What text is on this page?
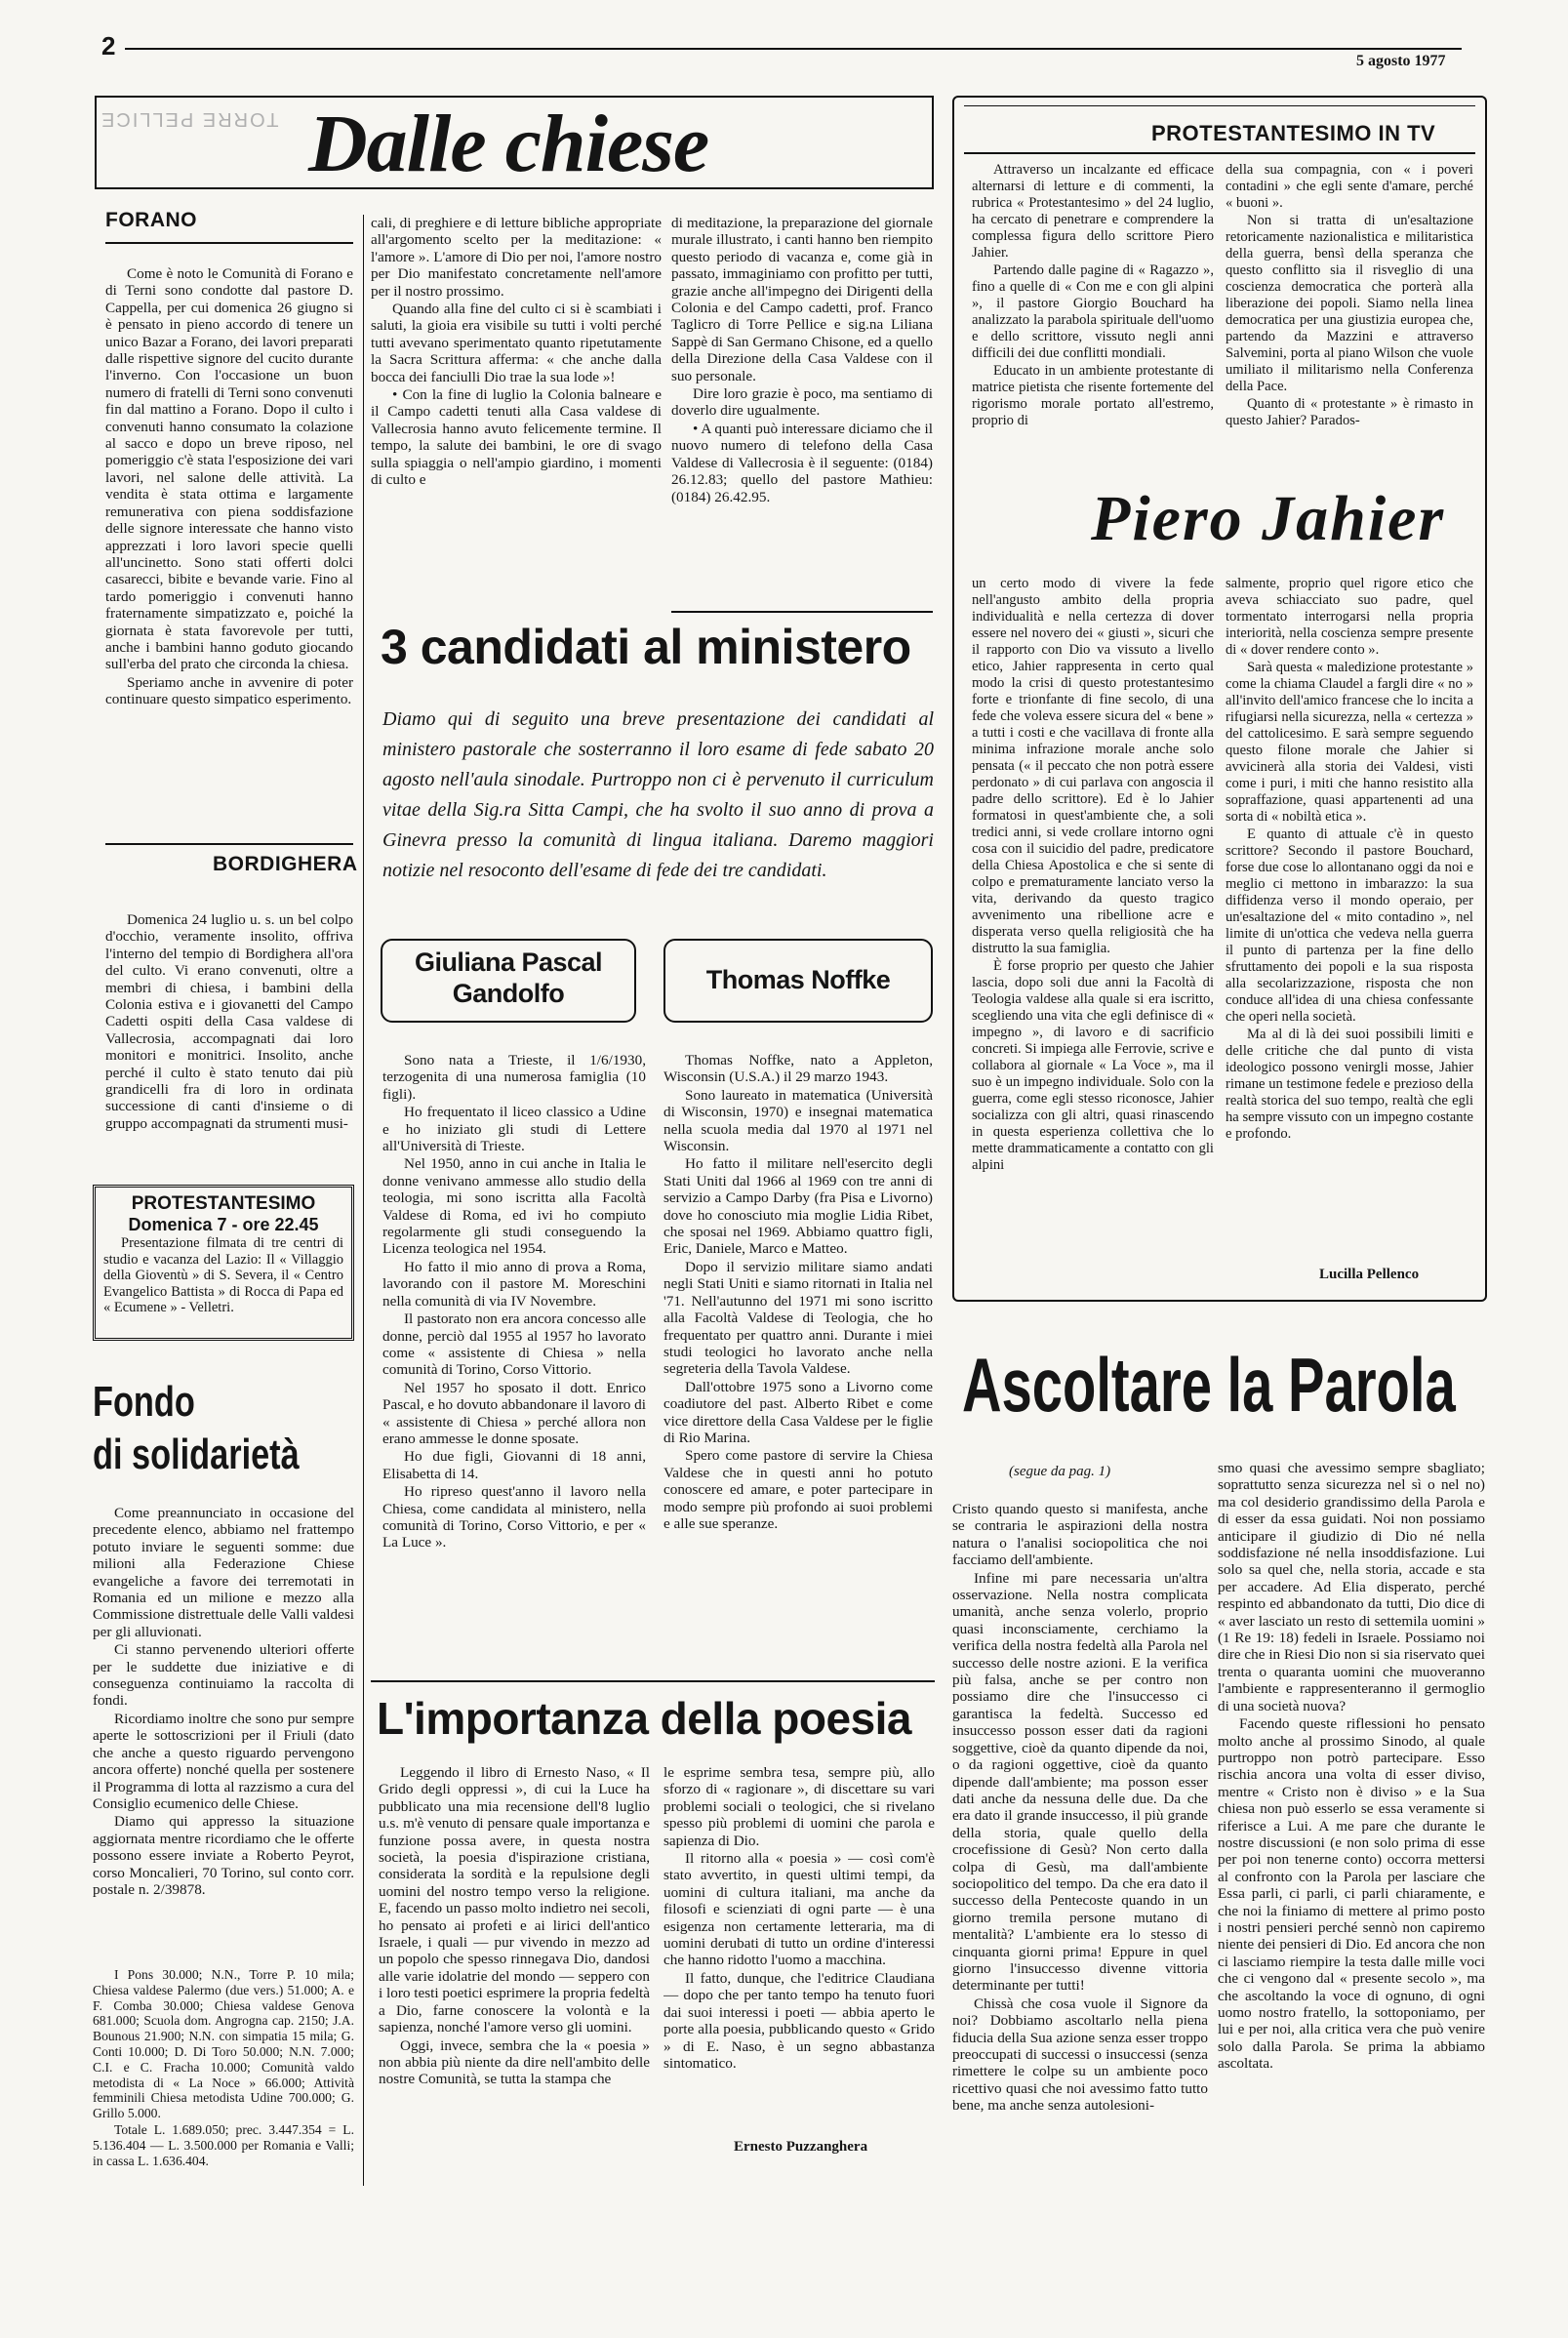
2
5 agosto 1977
TORRE PELLICE Dalle chiese
FORANO

Come è noto le Comunità di Forano e di Terni sono condotte dal pastore D. Cappella, per cui domenica 26 giugno si è pensato in pieno accordo di tenere un unico Bazar a Forano, dei lavori preparati dalle rispettive signore del cucito durante l'inverno. Con l'occasione un buon numero di fratelli di Terni sono convenuti fin dal mattino a Forano. Dopo il culto i convenuti hanno consumato la colazione al sacco e dopo un breve riposo, nel pomeriggio c'è stata l'esposizione dei vari lavori, nel salone delle attività. La vendita è stata ottima e largamente remunerativa con piena soddisfazione delle signore interessate che hanno visto apprezzati i loro lavori specie quelli all'uncinetto. Sono stati offerti dolci casarecci, bibite e bevande varie. Fino al tardo pomeriggio i convenuti hanno fraternamente simpatizzato e, poiché la giornata è stata favorevole per tutti, anche i bambini hanno goduto giocando sull'erba del prato che circonda la chiesa.

Speriamo anche in avvenire di poter continuare questo simpatico esperimento.

BORDIGHERA

Domenica 24 luglio u. s. un bel colpo d'occhio, veramente insolito, offriva l'interno del tempio di Bordighera all'ora del culto. Vi erano convenuti, oltre a membri di chiesa, i bambini della Colonia estiva e i giovanetti del Campo Cadetti ospiti della Casa valdese di Vallecrosia, accompagnati dai loro monitori e monitrici. Insolito, anche perché il culto è stato tenuto dai più grandicelli fra di loro in ordinata successione di canti d'insieme o di gruppo accompagnati da strumenti musi-

PROTESTANTESIMO
Domenica 7 - ore 22.45
Presentazione filmata di tre centri di studio e vacanza del Lazio: Il « Villaggio della Gioventù » di S. Severa, il « Centro Evangelico Battista » di Rocca di Papa ed « Ecumene » - Velletri.
Fondo
di solidarietà

Come preannunciato in occasione del precedente elenco, abbiamo nel frattempo potuto inviare le seguenti somme: due milioni alla Federazione Chiese evangeliche a favore dei terremotati in Romania ed un milione e mezzo alla Commissione distrettuale delle Valli valdesi per gli alluvionati.

Ci stanno pervenendo ulteriori offerte per le suddette due iniziative e di conseguenza continuiamo la raccolta di fondi.

Ricordiamo inoltre che sono pur sempre aperte le sottoscrizioni per il Friuli (dato che anche a questo riguardo pervengono ancora offerte) nonché quella per sostenere il Programma di lotta al razzismo a cura del Consiglio ecumenico delle Chiese.

Diamo qui appresso la situazione aggiornata mentre ricordiamo che le offerte possono essere inviate a Roberto Peyrot, corso Moncalieri, 70 Torino, sul conto corr. postale n. 2/39878.

I Pons 30.000; N.N., Torre P. 10 mila; Chiesa valdese Palermo (due vers.) 51.000; A. e F. Comba 30.000; Chiesa valdese Genova 681.000; Scuola dom. Angrogna cap. 2150; J.A. Bounous 21.900; N.N. con simpatia 15 mila; G. Conti 10.000; D. Di Toro 50.000; N.N. 7.000; C.I. e C. Fracha 10.000; Comunità valdo metodista di « La Noce » 66.000; Attività femminili Chiesa metodista Udine 700.000; G. Grillo 5.000.

Totale L. 1.689.050; prec. 3.447.354 = L. 5.136.404 — L. 3.500.000 per Romania e Valli; in cassa L. 1.636.404.

cali, di preghiere e di letture bibliche appropriate all'argomento scelto per la meditazione: « l'amore ». L'amore di Dio per noi, l'amore nostro per Dio manifestato concretamente nell'amore per il nostro prossimo.

Quando alla fine del culto ci si è scambiati i saluti, la gioia era visibile su tutti i volti perché tutti avevano sperimentato quanto ripetutamente la Sacra Scrittura afferma: « che anche dalla bocca dei fanciulli Dio trae la sua lode »!

• Con la fine di luglio la Colonia balneare e il Campo cadetti tenuti alla Casa valdese di Vallecrosia hanno avuto felicemente termine. Il tempo, la salute dei bambini, le ore di svago sulla spiaggia o nell'ampio giardino, i momenti di culto e

di meditazione, la preparazione del giornale murale illustrato, i canti hanno ben riempito questo periodo di vacanza e, come già in passato, immaginiamo con profitto per tutti, grazie anche all'impegno dei Dirigenti della Colonia e del Campo cadetti, prof. Franco Taglicro di Torre Pellice e sig.na Liliana Sappè di San Germano Chisone, ed a quello della Direzione della Casa Valdese con il suo personale.

Dire loro grazie è poco, ma sentiamo di doverlo dire ugualmente.

• A quanti può interessare diciamo che il nuovo numero di telefono della Casa Valdese di Vallecrosia è il seguente: (0184) 26.12.83; quello del pastore Mathieu: (0184) 26.42.95.

3 candidati al ministero
Diamo qui di seguito una breve presentazione dei candidati al ministero pastorale che sosterranno il loro esame di fede sabato 20 agosto nell'aula sinodale. Purtroppo non ci è pervenuto il curriculum vitae della Sig.ra Sitta Campi, che ha svolto il suo anno di prova a Ginevra presso la comunità di lingua italiana. Daremo maggiori notizie nel resoconto dell'esame di fede dei tre candidati.
Giuliana Pascal
Gandolfo	Thomas Noffke

Sono nata a Trieste, il 1/6/1930, terzogenita di una numerosa famiglia (10 figli).

Ho frequentato il liceo classico a Udine e ho iniziato gli studi di Lettere all'Università di Trieste.

Nel 1950, anno in cui anche in Italia le donne venivano ammesse allo studio della teologia, mi sono iscritta alla Facoltà Valdese di Roma, ed ivi ho compiuto regolarmente gli studi conseguendo la Licenza teologica nel 1954.

Ho fatto il mio anno di prova a Roma, lavorando con il pastore M. Moreschini nella comunità di via IV Novembre.

Il pastorato non era ancora concesso alle donne, perciò dal 1955 al 1957 ho lavorato come « assistente di Chiesa » nella comunità di Torino, Corso Vittorio.

Nel 1957 ho sposato il dott. Enrico Pascal, e ho dovuto abbandonare il lavoro di « assistente di Chiesa » perché allora non erano ammesse le donne sposate.

Ho due figli, Giovanni di 18 anni, Elisabetta di 14.

Ho ripreso quest'anno il lavoro nella Chiesa, come candidata al ministero, nella comunità di Torino, Corso Vittorio, e per « La Luce ».

Thomas Noffke, nato a Appleton, Wisconsin (U.S.A.) il 29 marzo 1943.

Sono laureato in matematica (Università di Wisconsin, 1970) e insegnai matematica nella scuola media dal 1970 al 1971 nel Wisconsin.

Ho fatto il militare nell'esercito degli Stati Uniti dal 1966 al 1969 con tre anni di servizio a Campo Darby (fra Pisa e Livorno) dove ho conosciuto mia moglie Lidia Ribet, che sposai nel 1969. Abbiamo quattro figli, Eric, Daniele, Marco e Matteo.

Dopo il servizio militare siamo andati negli Stati Uniti e siamo ritornati in Italia nel '71. Nell'autunno del 1971 mi sono iscritto alla Facoltà Valdese di Teologia, che ho frequentato per quattro anni. Durante i miei studi teologici ho lavorato anche nella segreteria della Tavola Valdese.

Dall'ottobre 1975 sono a Livorno come coadiutore del past. Alberto Ribet e come vice direttore della Casa Valdese per le figlie di Rio Marina.

Spero come pastore di servire la Chiesa Valdese che in questi anni ho potuto conoscere ed amare, e poter partecipare in modo sempre più profondo ai suoi problemi e alle sue speranze.

L'importanza della poesia

Leggendo il libro di Ernesto Naso, « Il Grido degli oppressi », di cui la Luce ha pubblicato una mia recensione dell'8 luglio u.s. m'è venuto di pensare quale importanza e funzione possa avere, in questa nostra società, la poesia d'ispirazione cristiana, considerata la sordità e la repulsione degli uomini del nostro tempo verso la religione. E, facendo un passo molto indietro nei secoli, ho pensato ai profeti e ai lirici dell'antico Israele, i quali — pur vivendo in mezzo ad un popolo che spesso rinnegava Dio, dandosi alle varie idolatrie del mondo — seppero con i loro testi poetici esprimere la propria fedeltà a Dio, farne conoscere la volontà e la sapienza, nonché l'amore verso gli uomini.

Oggi, invece, sembra che la « poesia » non abbia più niente da dire nell'ambito delle nostre Comunità, se tutta la stampa che

le esprime sembra tesa, sempre più, allo sforzo di « ragionare », di discettare su vari problemi sociali o teologici, che si rivelano spesso più problemi di uomini che parola e sapienza di Dio.

Il ritorno alla « poesia » — così com'è stato avvertito, in questi ultimi tempi, da uomini di cultura italiani, ma anche da filosofi e scienziati di ogni parte — è una esigenza non certamente letteraria, ma di uomini derubati di tutto un ordine d'interessi che hanno ridotto l'uomo a macchina.

Il fatto, dunque, che l'editrice Claudiana — dopo che per tanto tempo ha tenuto fuori dai suoi interessi i poeti — abbia aperto le porte alla poesia, pubblicando questo « Grido » di E. Naso, è un segno abbastanza sintomatico.

Ernesto Puzzanghera
PROTESTANTESIMO IN TV

Attraverso un incalzante ed efficace alternarsi di letture e di commenti, la rubrica « Protestantesimo » del 24 luglio, ha cercato di penetrare e comprendere la complessa figura dello scrittore Piero Jahier.

Partendo dalle pagine di « Ragazzo », fino a quelle di « Con me e con gli alpini », il pastore Giorgio Bouchard ha analizzato la parabola spirituale dell'uomo e dello scrittore, vissuto negli anni difficili dei due conflitti mondiali.

Educato in un ambiente protestante di matrice pietista che risente fortemente del rigorismo morale portato all'estremo, proprio di

della sua compagnia, con « i poveri contadini » che egli sente d'amare, perché « buoni ».

Non si tratta di un'esaltazione retoricamente nazionalistica e militaristica della guerra, bensì della speranza che questo conflitto sia il risveglio di una coscienza democratica che porterà alla liberazione dei popoli. Siamo nella linea democratica per una giustizia europea che, partendo da Mazzini e attraverso Salvemini, porta al piano Wilson che vuole umiliato il militarismo nella Conferenza della Pace.

Quanto di « protestante » è rimasto in questo Jahier? Parados-

Piero Jahier

un certo modo di vivere la fede nell'angusto ambito della propria individualità e nella certezza di dover essere nel novero dei « giusti », sicuri che il rapporto con Dio va vissuto a livello etico, Jahier rappresenta in certo qual modo la crisi di questo protestantesimo forte e trionfante di fine secolo, di una fede che voleva essere sicura del « bene » a tutti i costi e che vacillava di fronte alla minima infrazione morale anche solo pensata (« il peccato che non potrà essere perdonato » di cui parlava con angoscia il padre dello scrittore). Ed è lo Jahier formatosi in quest'ambiente che, a soli tredici anni, si vede crollare intorno ogni cosa con il suicidio del padre, predicatore della Chiesa Apostolica e che si sente di colpo e prematuramente lanciato verso la vita, derivando da questo tragico avvenimento una ribellione acre e disperata verso quella religiosità che ha distrutto la sua famiglia.

È forse proprio per questo che Jahier lascia, dopo soli due anni la Facoltà di Teologia valdese alla quale si era iscritto, scegliendo una vita che egli definisce di « impegno », di lavoro e di sacrificio concreti. Si impiega alle Ferrovie, scrive e collabora al giornale « La Voce », ma il suo è un impegno individuale. Solo con la guerra, come egli stesso riconosce, Jahier socializza con gli altri, quasi rinascendo in questa esperienza collettiva che lo mette drammaticamente a contatto con gli alpini

salmente, proprio quel rigore etico che aveva schiacciato suo padre, quel tormentato interrogarsi nella propria interiorità, nella coscienza sempre presente di « dover rendere conto ».

Sarà questa « maledizione protestante » come la chiama Claudel a fargli dire « no » all'invito dell'amico francese che lo incita a rifugiarsi nella sicurezza, nella « certezza » del cattolicesimo. E sarà sempre seguendo questo filone morale che Jahier si avvicinerà alla storia dei Valdesi, visti come i puri, i miti che hanno resistito alla sopraffazione, quasi appartenenti ad una sorta di « nobiltà etica ».

E quanto di attuale c'è in questo scrittore? Secondo il pastore Bouchard, forse due cose lo allontanano oggi da noi e meglio ci mettono in imbarazzo: la sua diffidenza verso il mondo operaio, per un'esaltazione del « mito contadino », nel limite di un'ottica che vedeva nella guerra il punto di partenza per la fine dello sfruttamento dei popoli e la sua risposta alla secolarizzazione, risposta che non conduce all'idea di una chiesa confessante che operi nella società.

Ma al di là dei suoi possibili limiti e delle critiche che dal punto di vista ideologico possono venirgli mosse, Jahier rimane un testimone fedele e prezioso della realtà storica del suo tempo, realtà che egli ha sempre vissuto con un impegno costante e profondo.

Lucilla Pellenco
Ascoltare la Parola
(segue da pag. 1)

Cristo quando questo si manifesta, anche se contraria le aspirazioni della nostra natura o l'analisi sociopolitica che noi facciamo dell'ambiente.

Infine mi pare necessaria un'altra osservazione. Nella nostra complicata umanità, anche senza volerlo, proprio quasi inconsciamente, cerchiamo la verifica della nostra fedeltà alla Parola nel successo delle nostre azioni. E la verifica più falsa, anche se per contro non possiamo dire che l'insuccesso ci garantisca la fedeltà. Successo ed insuccesso posson esser dati da ragioni soggettive, cioè da quanto dipende da noi, o da ragioni oggettive, cioè da quanto dipende dall'ambiente; ma posson esser dati anche da nessuna delle due. Da che era dato il grande insuccesso, il più grande della storia, quale quello della crocefissione di Gesù? Non certo dalla colpa di Gesù, ma dall'ambiente sociopolitico del tempo. Da che era dato il successo della Pentecoste quando in un giorno tremila persone mutano di mentalità? L'ambiente era lo stesso di cinquanta giorni prima! Eppure in quel giorno l'insuccesso divenne vittoria determinante per tutti!

Chissà che cosa vuole il Signore da noi? Dobbiamo ascoltarlo nella piena fiducia della Sua azione senza esser troppo preoccupati di successi o insuccessi (senza rimettere le colpe su un ambiente poco ricettivo quasi che noi avessimo fatto tutto bene, ma anche senza autolesioni-

smo quasi che avessimo sempre sbagliato; soprattutto senza sicurezza nel sì o nel no) ma col desiderio grandissimo della Parola e di esser da essa guidati. Noi non possiamo anticipare il giudizio di Dio né nella soddisfazione né nella insoddisfazione. Lui solo sa quel che, nella storia, accade e sta per accadere. Ad Elia disperato, perché respinto ed abbandonato da tutti, Dio dice di « aver lasciato un resto di settemila uomini » (1 Re 19: 18) fedeli in Israele. Possiamo noi dire che in Riesi Dio non si sia riservato quei trenta o quaranta uomini che muoveranno l'ambiente e rappresenteranno il germoglio di una società nuova?

Facendo queste riflessioni ho pensato molto anche al prossimo Sinodo, al quale purtroppo non potrò partecipare. Esso rischia ancora una volta di esser diviso, mentre « Cristo non è diviso » e la Sua chiesa non può esserlo se essa veramente si riferisce a Lui. A me pare che durante le nostre discussioni (e non solo prima di esse per poi non tenerne conto) occorra mettersi al confronto con la Parola per lasciare che Essa parli, ci parli, ci parli chiaramente, e che noi la finiamo di mettere al primo posto i nostri pensieri perché sennò non capiremo niente dei pensieri di Dio. Ed ancora che non ci lasciamo riempire la testa dalle mille voci che ci vengono dal « presente secolo », ma che ascoltando la voce di ognuno, di ogni uomo nostro fratello, la sottoponiamo, per lui e per noi, alla critica vera che può venire solo dalla Parola. Se prima la abbiamo ascoltata.
